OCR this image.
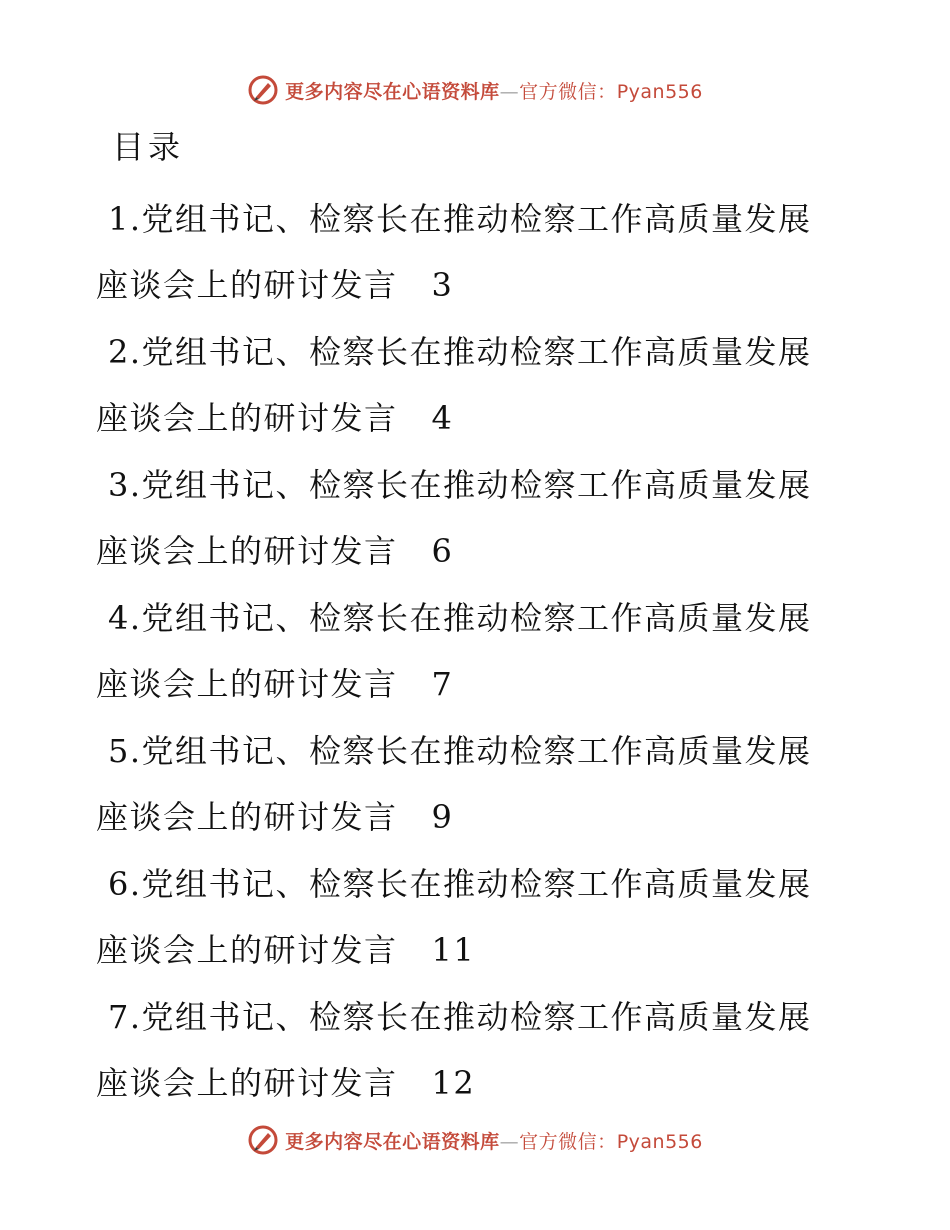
更多内容尽在心语资料库—官方微信：Pyan556
目录
1.党组书记、检察长在推动检察工作高质量发展
座谈会上的研讨发言 3
2.党组书记、检察长在推动检察工作高质量发展
座谈会上的研讨发言 4
3.党组书记、检察长在推动检察工作高质量发展
座谈会上的研讨发言 6
4.党组书记、检察长在推动检察工作高质量发展
座谈会上的研讨发言 7
5.党组书记、检察长在推动检察工作高质量发展
座谈会上的研讨发言 9
6.党组书记、检察长在推动检察工作高质量发展
座谈会上的研讨发言 11
7.党组书记、检察长在推动检察工作高质量发展
座谈会上的研讨发言 12
更多内容尽在心语资料库—官方微信：Pyan556
